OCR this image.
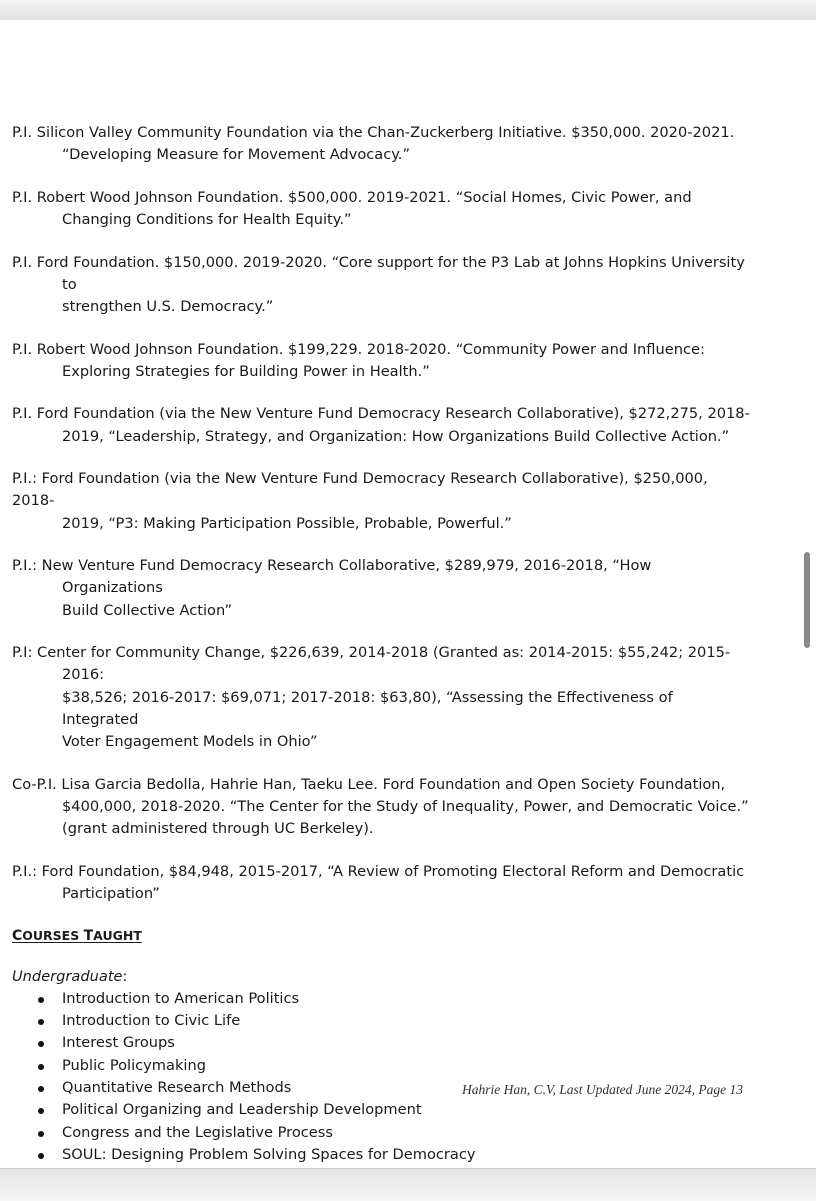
P.I. Silicon Valley Community Foundation via the Chan-Zuckerberg Initiative. $350,000. 2020-2021.
“Developing Measure for Movement Advocacy.”
P.I. Robert Wood Johnson Foundation. $500,000. 2019-2021. “Social Homes, Civic Power, and
Changing Conditions for Health Equity.”
P.I. Ford Foundation. $150,000. 2019-2020. “Core support for the P3 Lab at Johns Hopkins University to
strengthen U.S. Democracy.”
P.I. Robert Wood Johnson Foundation. $199,229. 2018-2020. “Community Power and Influence:
Exploring Strategies for Building Power in Health.”
P.I. Ford Foundation (via the New Venture Fund Democracy Research Collaborative), $272,275, 2018-
2019, “Leadership, Strategy, and Organization: How Organizations Build Collective Action.”
P.I.: Ford Foundation (via the New Venture Fund Democracy Research Collaborative), $250,000, 2018-
2019, “P3: Making Participation Possible, Probable, Powerful.”
P.I.: New Venture Fund Democracy Research Collaborative, $289,979, 2016-2018, “How Organizations
Build Collective Action”
P.I: Center for Community Change, $226,639, 2014-2018 (Granted as: 2014-2015: $55,242; 2015-2016:
$38,526; 2016-2017: $69,071; 2017-2018: $63,80), “Assessing the Effectiveness of Integrated
Voter Engagement Models in Ohio”
Co-P.I. Lisa Garcia Bedolla, Hahrie Han, Taeku Lee. Ford Foundation and Open Society Foundation,
$400,000, 2018-2020. “The Center for the Study of Inequality, Power, and Democratic Voice.”
(grant administered through UC Berkeley).
P.I.: Ford Foundation, $84,948, 2015-2017, “A Review of Promoting Electoral Reform and Democratic
Participation”
COURSES TAUGHT
Undergraduate:
Introduction to American Politics
Introduction to Civic Life
Interest Groups
Public Policymaking
Quantitative Research Methods
Political Organizing and Leadership Development
Congress and the Legislative Process
SOUL: Designing Problem Solving Spaces for Democracy
Hahrie Han, C.V, Last Updated June 2024, Page 13
